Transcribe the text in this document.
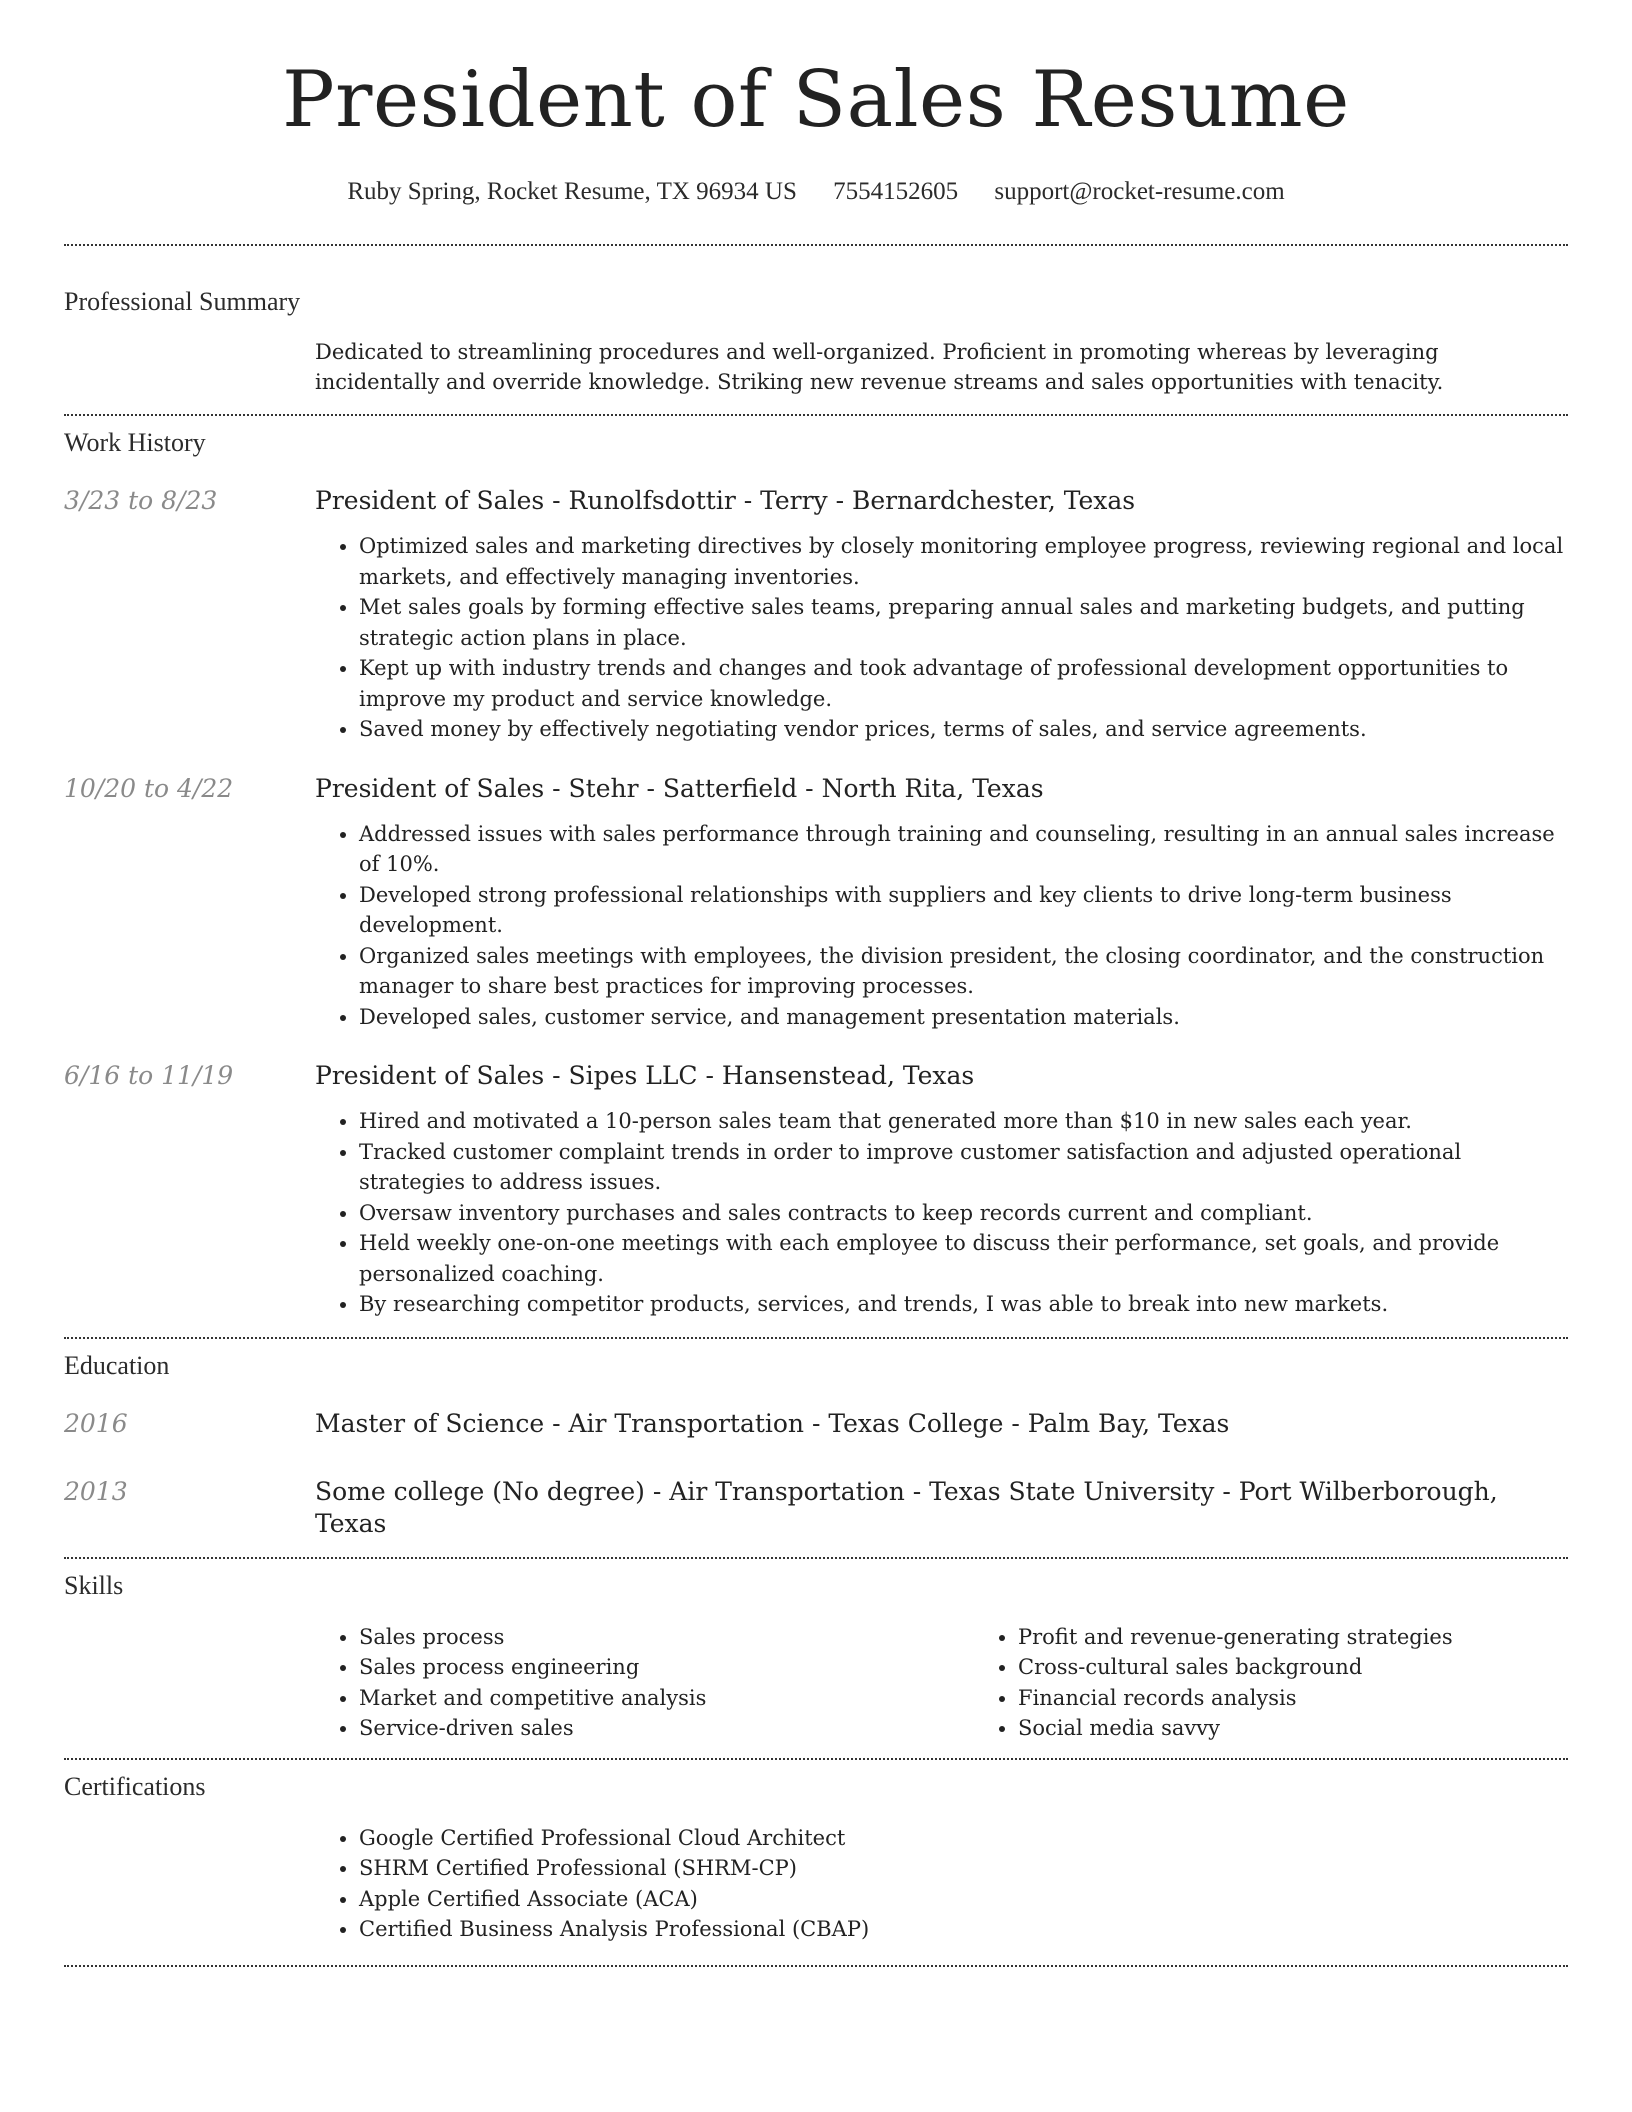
President of Sales Resume
Ruby Spring, Rocket Resume, TX 96934 US 7554152605 support@rocket-resume.com
Professional Summary
Dedicated to streamlining procedures and well-organized. Proficient in promoting whereas by leveraging incidentally and override knowledge. Striking new revenue streams and sales opportunities with tenacity.
Work History
3/23 to 8/23	President of Sales - Runolfsdottir - Terry - Bernardchester, Texas
• Optimized sales and marketing directives by closely monitoring employee progress, reviewing regional and local markets, and effectively managing inventories.
• Met sales goals by forming effective sales teams, preparing annual sales and marketing budgets, and putting strategic action plans in place.
• Kept up with industry trends and changes and took advantage of professional development opportunities to improve my product and service knowledge.
• Saved money by effectively negotiating vendor prices, terms of sales, and service agreements.
10/20 to 4/22	President of Sales - Stehr - Satterfield - North Rita, Texas
• Addressed issues with sales performance through training and counseling, resulting in an annual sales increase of 10%.
• Developed strong professional relationships with suppliers and key clients to drive long-term business development.
• Organized sales meetings with employees, the division president, the closing coordinator, and the construction manager to share best practices for improving processes.
• Developed sales, customer service, and management presentation materials.
6/16 to 11/19	President of Sales - Sipes LLC - Hansenstead, Texas
• Hired and motivated a 10-person sales team that generated more than $10 in new sales each year.
• Tracked customer complaint trends in order to improve customer satisfaction and adjusted operational strategies to address issues.
• Oversaw inventory purchases and sales contracts to keep records current and compliant.
• Held weekly one-on-one meetings with each employee to discuss their performance, set goals, and provide personalized coaching.
• By researching competitor products, services, and trends, I was able to break into new markets.
Education
2016	Master of Science - Air Transportation - Texas College - Palm Bay, Texas
2013	Some college (No degree) - Air Transportation - Texas State University - Port Wilberborough, Texas
Skills
• Sales process
• Sales process engineering
• Market and competitive analysis
• Service-driven sales
• Profit and revenue-generating strategies
• Cross-cultural sales background
• Financial records analysis
• Social media savvy
Certifications
• Google Certified Professional Cloud Architect
• SHRM Certified Professional (SHRM-CP)
• Apple Certified Associate (ACA)
• Certified Business Analysis Professional (CBAP)
